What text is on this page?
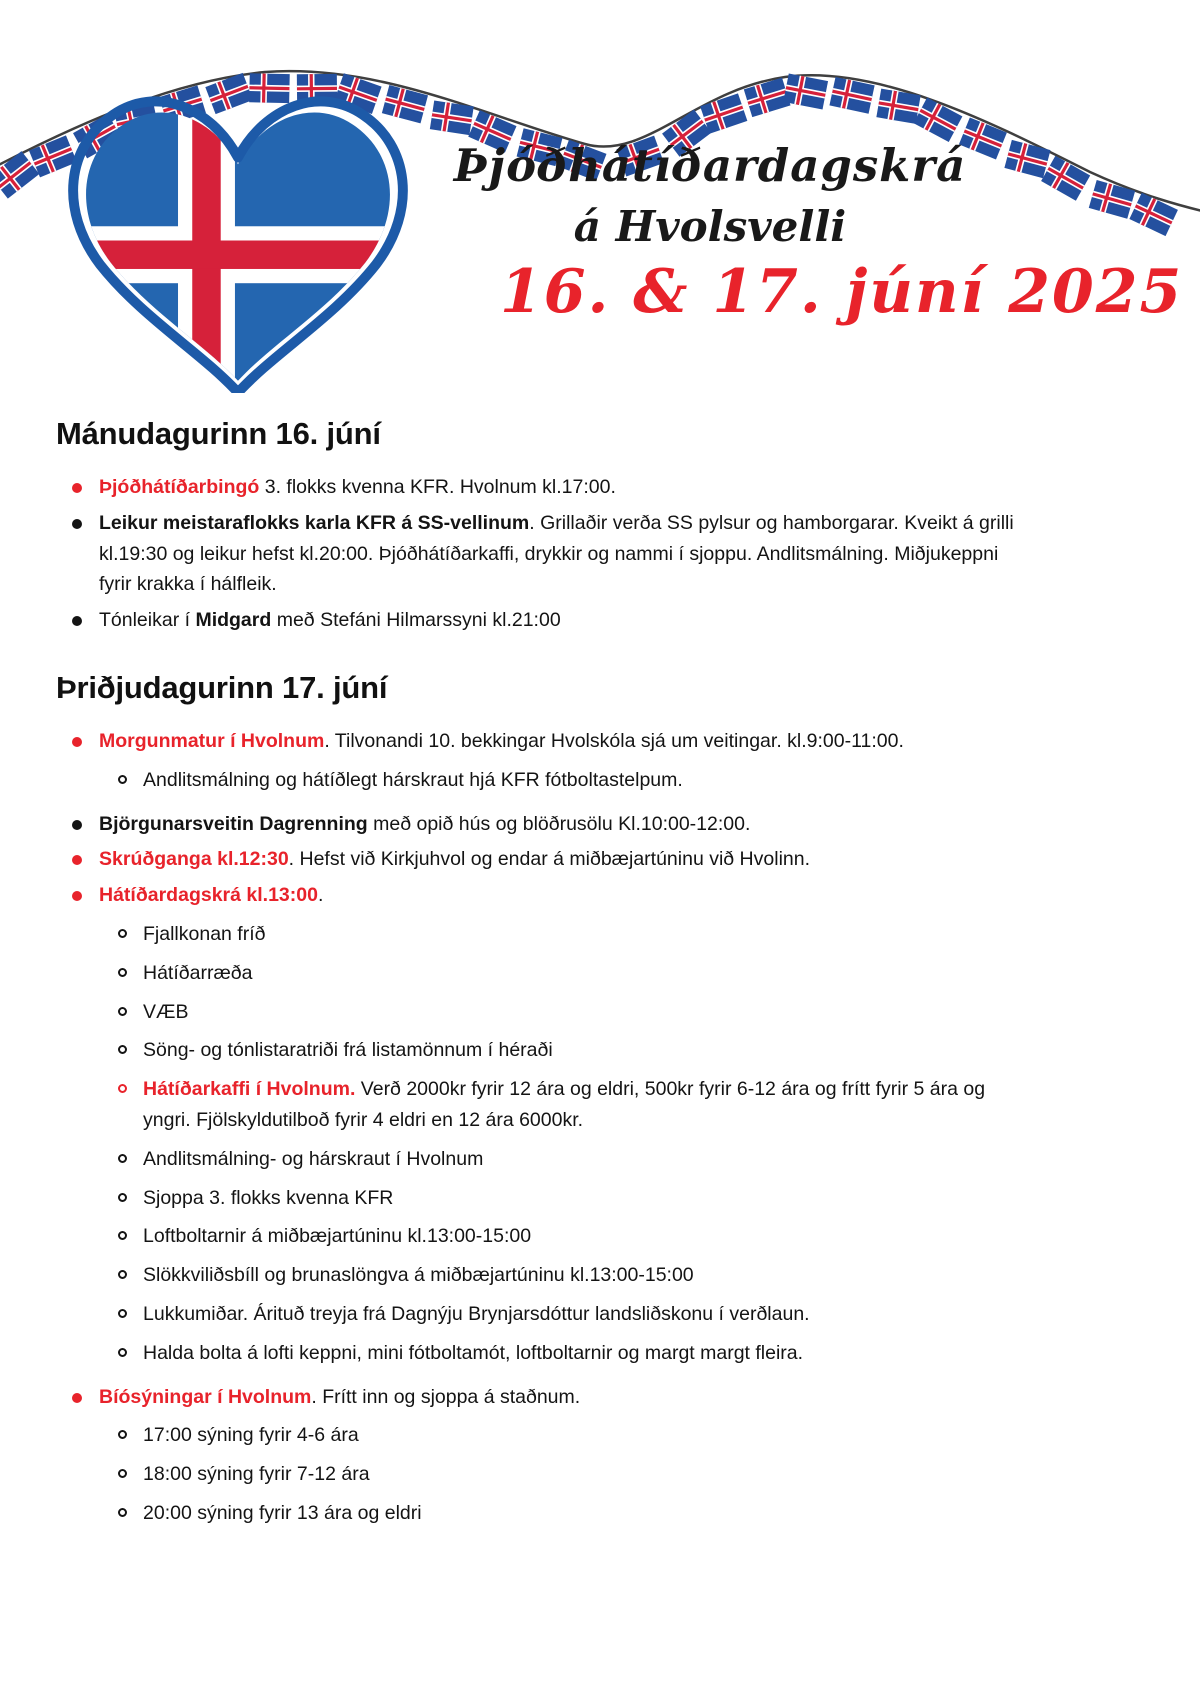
Þjóðhátíðardagskrá
á Hvolsvelli
16. & 17. júní 2025
Mánudagurinn 16. júní
Þjóðhátíðarbingó 3. flokks kvenna KFR. Hvolnum kl.17:00.
Leikur meistaraflokks karla KFR á SS-vellinum. Grillaðir verða SS pylsur og hamborgarar. Kveikt á grilli kl.19:30 og leikur hefst kl.20:00. Þjóðhátíðarkaffi, drykkir og nammi í sjoppu. Andlitsmálning. Miðjukeppni fyrir krakka í hálfleik.
Tónleikar í Midgard með Stefáni Hilmarssyni kl.21:00
Þriðjudagurinn 17. júní
Morgunmatur í Hvolnum. Tilvonandi 10. bekkingar Hvolskóla sjá um veitingar. kl.9:00-11:00.
Andlitsmálning og hátíðlegt hárskraut hjá KFR fótboltastelpum.
Björgunarsveitin Dagrenning með opið hús og blöðrusölu Kl.10:00-12:00.
Skrúðganga kl.12:30. Hefst við Kirkjuhvol og endar á miðbæjartúninu við Hvolinn.
Hátíðardagskrá kl.13:00.
Fjallkonan fríð
Hátíðarræða
VÆB
Söng- og tónlistaratriði frá listamönnum í héraði
Hátíðarkaffi í Hvolnum. Verð 2000kr fyrir 12 ára og eldri, 500kr fyrir 6-12 ára og frítt fyrir 5 ára og yngri. Fjölskyldutilboð fyrir 4 eldri en 12 ára 6000kr.
Andlitsmálning- og hárskraut í Hvolnum
Sjoppa 3. flokks kvenna KFR
Loftboltarnir á miðbæjartúninu kl.13:00-15:00
Slökkviliðsbíll og brunaslöngva á miðbæjartúninu kl.13:00-15:00
Lukkumiðar. Árituð treyja frá Dagnýju Brynjarsdóttur landsliðskonu í verðlaun.
Halda bolta á lofti keppni, mini fótboltamót, loftboltarnir og margt margt fleira.
Bíósýningar í Hvolnum. Frítt inn og sjoppa á staðnum.
17:00 sýning fyrir 4-6 ára
18:00 sýning fyrir 7-12 ára
20:00 sýning fyrir 13 ára og eldri
